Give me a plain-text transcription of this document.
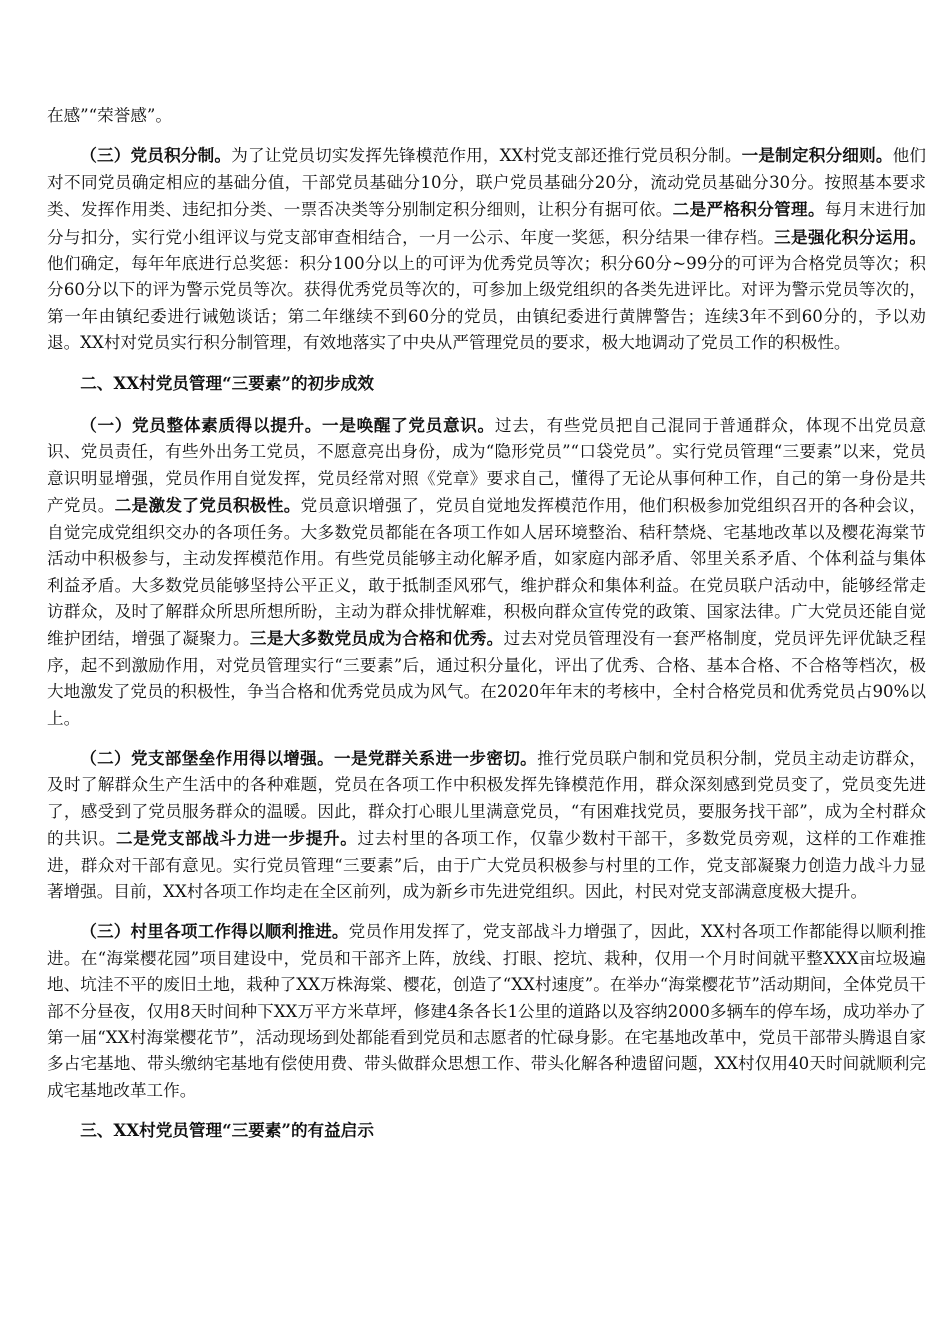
在感”“荣誉感”。

（三）党员积分制。为了让党员切实发挥先锋模范作用，XX村党支部还推行党员积分制。一是制定积分细则。他们对不同党员确定相应的基础分值，干部党员基础分10分，联户党员基础分20分，流动党员基础分30分。按照基本要求类、发挥作用类、违纪扣分类、一票否决类等分别制定积分细则，让积分有据可依。二是严格积分管理。每月末进行加分与扣分，实行党小组评议与党支部审查相结合，一月一公示、年度一奖惩，积分结果一律存档。三是强化积分运用。他们确定，每年年底进行总奖惩：积分100分以上的可评为优秀党员等次；积分60分~99分的可评为合格党员等次；积分60分以下的评为警示党员等次。获得优秀党员等次的，可参加上级党组织的各类先进评比。对评为警示党员等次的，第一年由镇纪委进行诫勉谈话；第二年继续不到60分的党员，由镇纪委进行黄牌警告；连续3年不到60分的，予以劝退。XX村对党员实行积分制管理，有效地落实了中央从严管理党员的要求，极大地调动了党员工作的积极性。

二、XX村党员管理“三要素”的初步成效

（一）党员整体素质得以提升。一是唤醒了党员意识。过去，有些党员把自己混同于普通群众，体现不出党员意识、党员责任，有些外出务工党员，不愿意亮出身份，成为“隐形党员”“口袋党员”。实行党员管理“三要素”以来，党员意识明显增强，党员作用自觉发挥，党员经常对照《党章》要求自己，懂得了无论从事何种工作，自己的第一身份是共产党员。二是激发了党员积极性。党员意识增强了，党员自觉地发挥模范作用，他们积极参加党组织召开的各种会议，自觉完成党组织交办的各项任务。大多数党员都能在各项工作如人居环境整治、秸秆禁烧、宅基地改革以及樱花海棠节活动中积极参与，主动发挥模范作用。有些党员能够主动化解矛盾，如家庭内部矛盾、邻里关系矛盾、个体利益与集体利益矛盾。大多数党员能够坚持公平正义，敢于抵制歪风邪气，维护群众和集体利益。在党员联户活动中，能够经常走访群众，及时了解群众所思所想所盼，主动为群众排忧解难，积极向群众宣传党的政策、国家法律。广大党员还能自觉维护团结，增强了凝聚力。三是大多数党员成为合格和优秀。过去对党员管理没有一套严格制度，党员评先评优缺乏程序，起不到激励作用，对党员管理实行“三要素”后，通过积分量化，评出了优秀、合格、基本合格、不合格等档次，极大地激发了党员的积极性，争当合格和优秀党员成为风气。在2020年年末的考核中，全村合格党员和优秀党员占90%以上。

（二）党支部堡垒作用得以增强。一是党群关系进一步密切。推行党员联户制和党员积分制，党员主动走访群众，及时了解群众生产生活中的各种难题，党员在各项工作中积极发挥先锋模范作用，群众深刻感到党员变了，党员变先进了，感受到了党员服务群众的温暖。因此，群众打心眼儿里满意党员，“有困难找党员，要服务找干部”，成为全村群众的共识。二是党支部战斗力进一步提升。过去村里的各项工作，仅靠少数村干部干，多数党员旁观，这样的工作难推进，群众对干部有意见。实行党员管理“三要素”后，由于广大党员积极参与村里的工作，党支部凝聚力创造力战斗力显著增强。目前，XX村各项工作均走在全区前列，成为新乡市先进党组织。因此，村民对党支部满意度极大提升。

（三）村里各项工作得以顺利推进。党员作用发挥了，党支部战斗力增强了，因此，XX村各项工作都能得以顺利推进。在“海棠樱花园”项目建设中，党员和干部齐上阵，放线、打眼、挖坑、栽种，仅用一个月时间就平整XXX亩垃圾遍地、坑洼不平的废旧土地，栽种了XX万株海棠、樱花，创造了“XX村速度”。在举办“海棠樱花节”活动期间，全体党员干部不分昼夜，仅用8天时间种下XX万平方米草坪，修建4条各长1公里的道路以及容纳2000多辆车的停车场，成功举办了第一届“XX村海棠樱花节”，活动现场到处都能看到党员和志愿者的忙碌身影。在宅基地改革中，党员干部带头腾退自家多占宅基地、带头缴纳宅基地有偿使用费、带头做群众思想工作、带头化解各种遗留问题，XX村仅用40天时间就顺利完成宅基地改革工作。

三、XX村党员管理“三要素”的有益启示
